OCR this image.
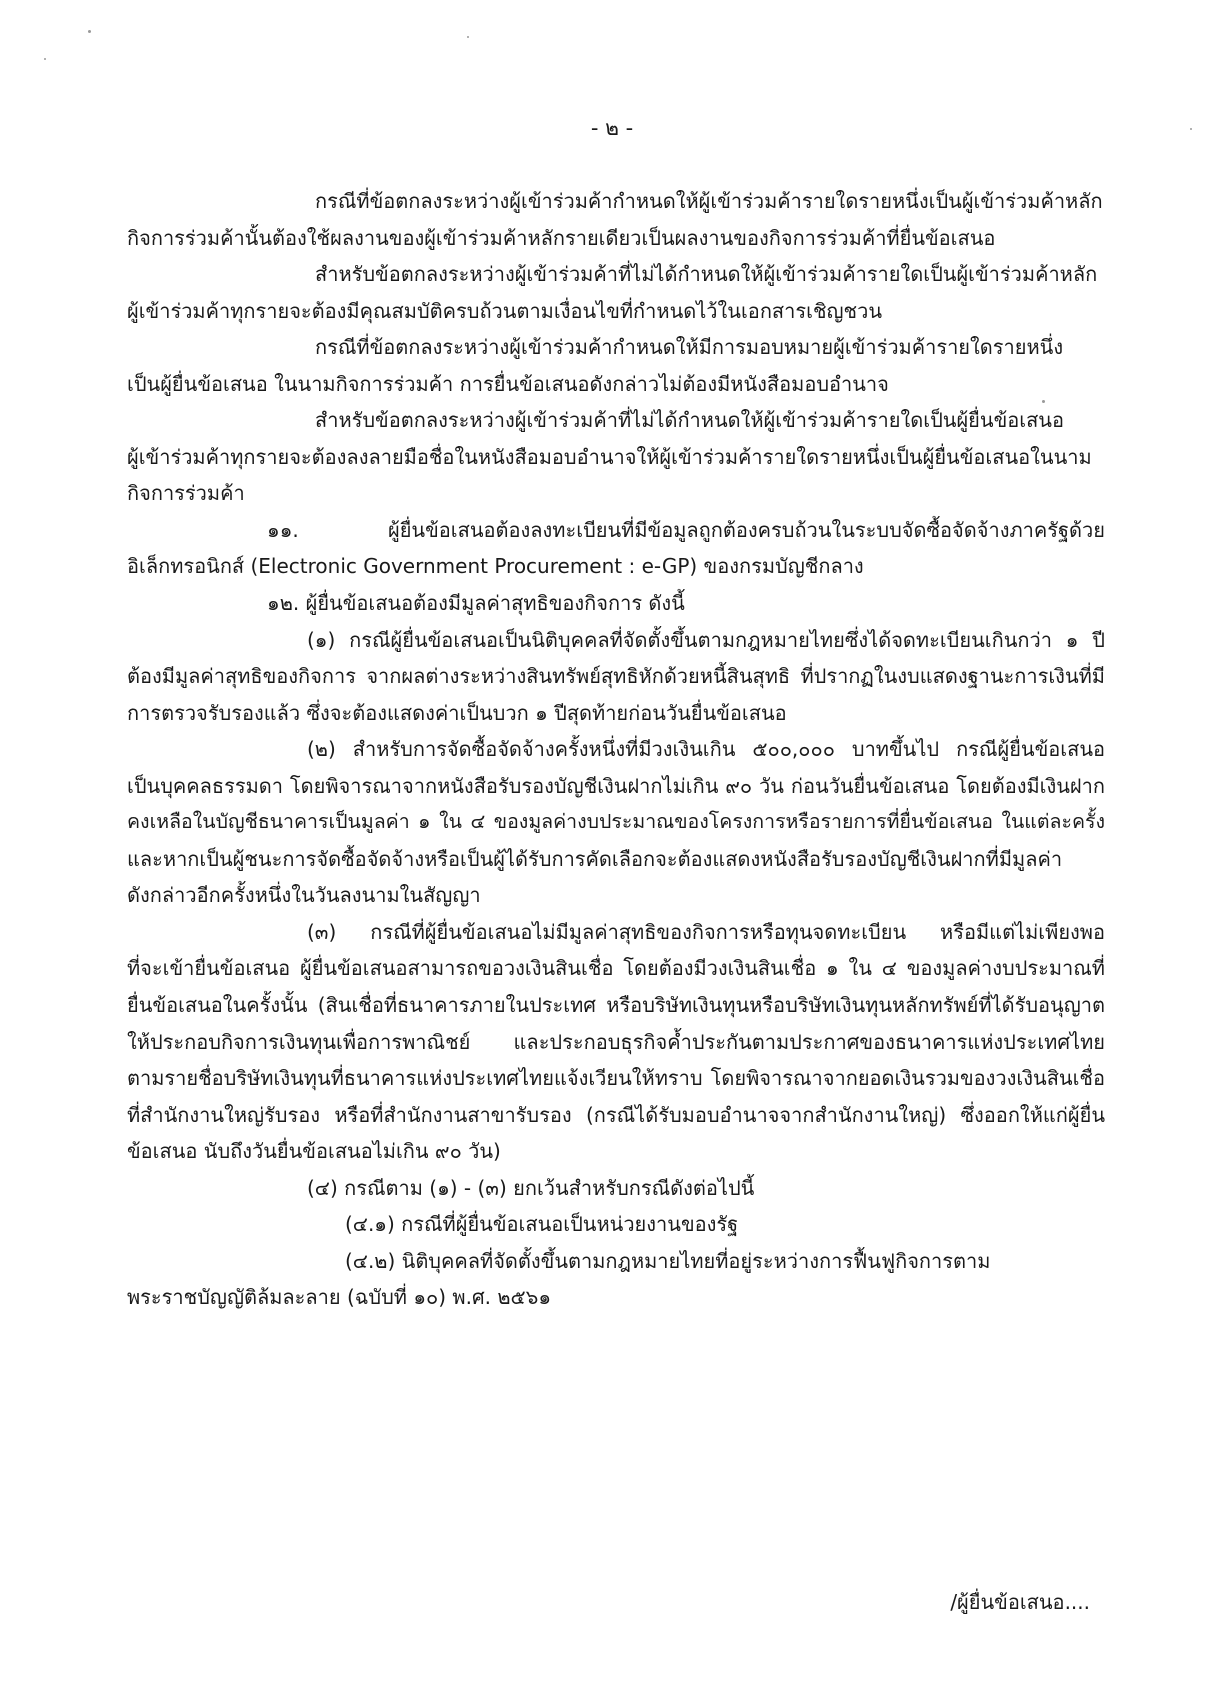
- ๒ -
กรณีที่ข้อตกลงระหว่างผู้เข้าร่วมค้ากำหนดให้ผู้เข้าร่วมค้ารายใดรายหนึ่งเป็นผู้เข้าร่วมค้าหลัก
กิจการร่วมค้านั้นต้องใช้ผลงานของผู้เข้าร่วมค้าหลักรายเดียวเป็นผลงานของกิจการร่วมค้าที่ยื่นข้อเสนอ
สำหรับข้อตกลงระหว่างผู้เข้าร่วมค้าที่ไม่ได้กำหนดให้ผู้เข้าร่วมค้ารายใดเป็นผู้เข้าร่วมค้าหลัก
ผู้เข้าร่วมค้าทุกรายจะต้องมีคุณสมบัติครบถ้วนตามเงื่อนไขที่กำหนดไว้ในเอกสารเชิญชวน
กรณีที่ข้อตกลงระหว่างผู้เข้าร่วมค้ากำหนดให้มีการมอบหมายผู้เข้าร่วมค้ารายใดรายหนึ่ง
เป็นผู้ยื่นข้อเสนอ ในนามกิจการร่วมค้า การยื่นข้อเสนอดังกล่าวไม่ต้องมีหนังสือมอบอำนาจ
สำหรับข้อตกลงระหว่างผู้เข้าร่วมค้าที่ไม่ได้กำหนดให้ผู้เข้าร่วมค้ารายใดเป็นผู้ยื่นข้อเสนอ
ผู้เข้าร่วมค้าทุกรายจะต้องลงลายมือชื่อในหนังสือมอบอำนาจให้ผู้เข้าร่วมค้ารายใดรายหนึ่งเป็นผู้ยื่นข้อเสนอในนาม
กิจการร่วมค้า
๑๑. ผู้ยื่นข้อเสนอต้องลงทะเบียนที่มีข้อมูลถูกต้องครบถ้วนในระบบจัดซื้อจัดจ้างภาครัฐด้วย
อิเล็กทรอนิกส์ (Electronic Government Procurement : e-GP) ของกรมบัญชีกลาง
๑๒. ผู้ยื่นข้อเสนอต้องมีมูลค่าสุทธิของกิจการ ดังนี้
(๑) กรณีผู้ยื่นข้อเสนอเป็นนิติบุคคลที่จัดตั้งขึ้นตามกฎหมายไทยซึ่งได้จดทะเบียนเกินกว่า ๑ ปี
ต้องมีมูลค่าสุทธิของกิจการ จากผลต่างระหว่างสินทรัพย์สุทธิหักด้วยหนี้สินสุทธิ ที่ปรากฏในงบแสดงฐานะการเงินที่มี
การตรวจรับรองแล้ว ซึ่งจะต้องแสดงค่าเป็นบวก ๑ ปีสุดท้ายก่อนวันยื่นข้อเสนอ
(๒) สำหรับการจัดซื้อจัดจ้างครั้งหนึ่งที่มีวงเงินเกิน ๕๐๐,๐๐๐ บาทขึ้นไป กรณีผู้ยื่นข้อเสนอ
เป็นบุคคลธรรมดา โดยพิจารณาจากหนังสือรับรองบัญชีเงินฝากไม่เกิน ๙๐ วัน ก่อนวันยื่นข้อเสนอ โดยต้องมีเงินฝาก
คงเหลือในบัญชีธนาคารเป็นมูลค่า ๑ ใน ๔ ของมูลค่างบประมาณของโครงการหรือรายการที่ยื่นข้อเสนอ ในแต่ละครั้ง
และหากเป็นผู้ชนะการจัดซื้อจัดจ้างหรือเป็นผู้ได้รับการคัดเลือกจะต้องแสดงหนังสือรับรองบัญชีเงินฝากที่มีมูลค่า
ดังกล่าวอีกครั้งหนึ่งในวันลงนามในสัญญา
(๓) กรณีที่ผู้ยื่นข้อเสนอไม่มีมูลค่าสุทธิของกิจการหรือทุนจดทะเบียน หรือมีแต่ไม่เพียงพอ
ที่จะเข้ายื่นข้อเสนอ ผู้ยื่นข้อเสนอสามารถขอวงเงินสินเชื่อ โดยต้องมีวงเงินสินเชื่อ ๑ ใน ๔ ของมูลค่างบประมาณที่
ยื่นข้อเสนอในครั้งนั้น (สินเชื่อที่ธนาคารภายในประเทศ หรือบริษัทเงินทุนหรือบริษัทเงินทุนหลักทรัพย์ที่ได้รับอนุญาต
ให้ประกอบกิจการเงินทุนเพื่อการพาณิชย์ และประกอบธุรกิจค้ำประกันตามประกาศของธนาคารแห่งประเทศไทย
ตามรายชื่อบริษัทเงินทุนที่ธนาคารแห่งประเทศไทยแจ้งเวียนให้ทราบ โดยพิจารณาจากยอดเงินรวมของวงเงินสินเชื่อ
ที่สำนักงานใหญ่รับรอง หรือที่สำนักงานสาขารับรอง (กรณีได้รับมอบอำนาจจากสำนักงานใหญ่) ซึ่งออกให้แก่ผู้ยื่น
ข้อเสนอ นับถึงวันยื่นข้อเสนอไม่เกิน ๙๐ วัน)
(๔) กรณีตาม (๑) - (๓) ยกเว้นสำหรับกรณีดังต่อไปนี้
(๔.๑) กรณีที่ผู้ยื่นข้อเสนอเป็นหน่วยงานของรัฐ
(๔.๒) นิติบุคคลที่จัดตั้งขึ้นตามกฎหมายไทยที่อยู่ระหว่างการฟื้นฟูกิจการตาม
พระราชบัญญัติล้มละลาย (ฉบับที่ ๑๐) พ.ศ. ๒๕๖๑
/ผู้ยื่นข้อเสนอ....
